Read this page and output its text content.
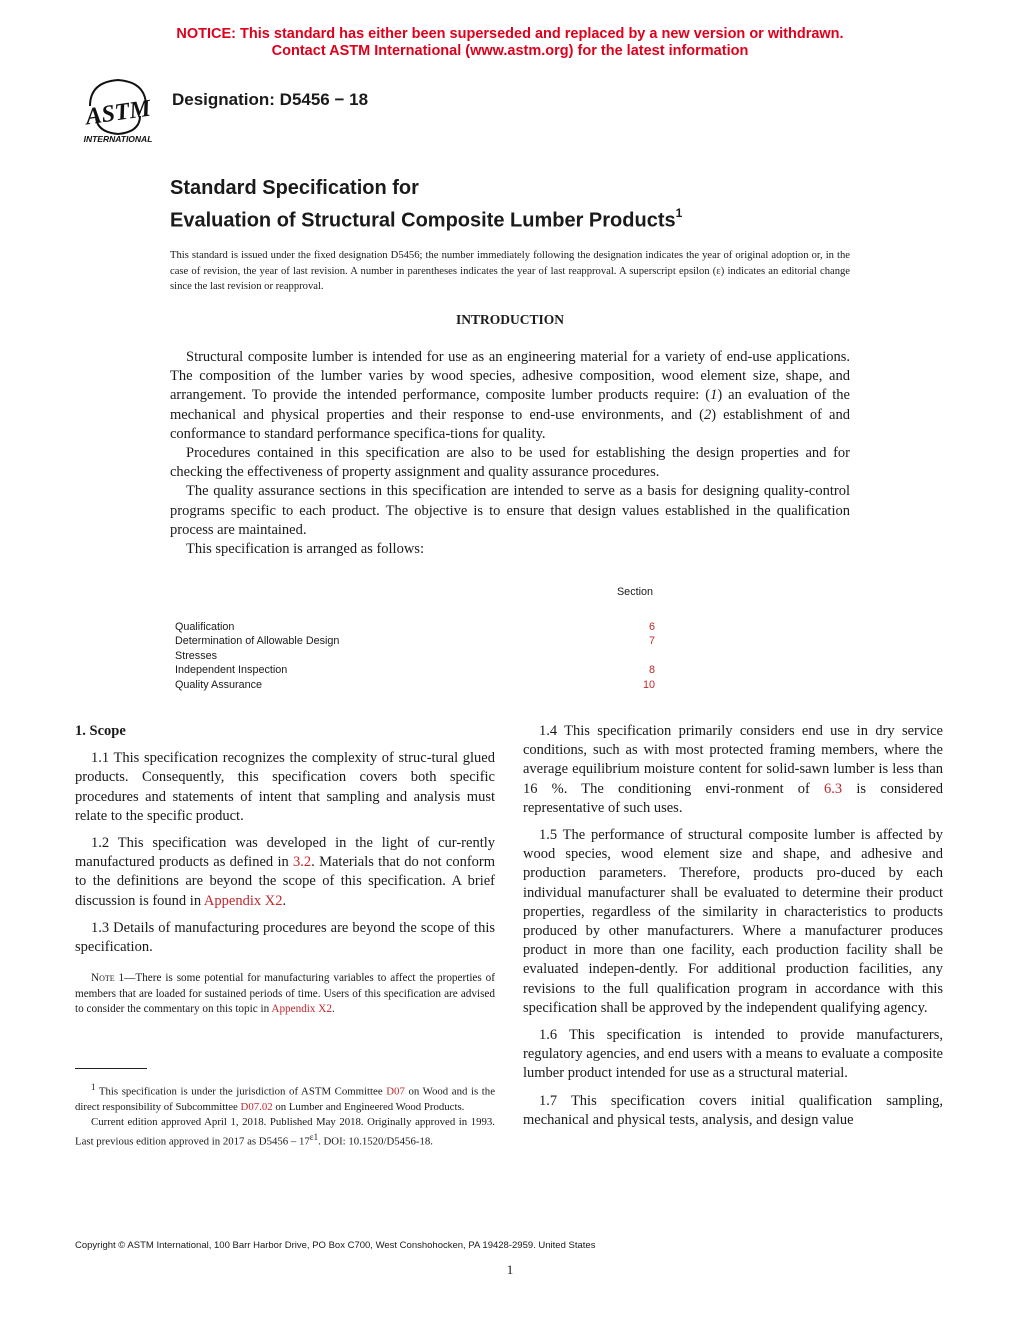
NOTICE: This standard has either been superseded and replaced by a new version or withdrawn.
Contact ASTM International (www.astm.org) for the latest information
ASTM
INTERNATIONAL
Designation: D5456 − 18
Standard Specification for
Evaluation of Structural Composite Lumber Products$^1$
This standard is issued under the fixed designation D5456; the number immediately following the designation indicates the year of original adoption or, in the case of revision, the year of last revision. A number in parentheses indicates the year of last reapproval. A superscript epsilon (ε) indicates an editorial change since the last revision or reapproval.
INTRODUCTION

Structural composite lumber is intended for use as an engineering material for a variety of end-use applications. The composition of the lumber varies by wood species, adhesive composition, wood element size, shape, and arrangement. To provide the intended performance, composite lumber products require: (1) an evaluation of the mechanical and physical properties and their response to end-use environments, and (2) establishment of and conformance to standard performance specifica-tions for quality.

Procedures contained in this specification are also to be used for establishing the design properties and for checking the effectiveness of property assignment and quality assurance procedures.

The quality assurance sections in this specification are intended to serve as a basis for designing quality-control programs specific to each product. The objective is to ensure that design values established in the qualification process are maintained.

This specification is arranged as follows:

Section
Qualification	6
Determination of Allowable Design	7
Stresses
Independent Inspection	8
Quality Assurance	10
1. Scope

1.1 This specification recognizes the complexity of struc-tural glued products. Consequently, this specification covers both specific procedures and statements of intent that sampling and analysis must relate to the specific product.

1.2 This specification was developed in the light of cur-rently manufactured products as defined in 3.2. Materials that do not conform to the definitions are beyond the scope of this specification. A brief discussion is found in Appendix X2.

1.3 Details of manufacturing procedures are beyond the scope of this specification.

Note 1—There is some potential for manufacturing variables to affect the properties of members that are loaded for sustained periods of time. Users of this specification are advised to consider the commentary on this topic in Appendix X2.

$^1$ This specification is under the jurisdiction of ASTM Committee D07 on Wood and is the direct responsibility of Subcommittee D07.02 on Lumber and Engineered Wood Products.

Current edition approved April 1, 2018. Published May 2018. Originally approved in 1993. Last previous edition approved in 2017 as $D5456 - 17^{\varepsilon 1}$. DOI: 10.1520/D5456-18.

1.4 This specification primarily considers end use in dry service conditions, such as with most protected framing members, where the average equilibrium moisture content for solid-sawn lumber is less than 16 %. The conditioning envi-ronment of 6.3 is considered representative of such uses.

1.5 The performance of structural composite lumber is affected by wood species, wood element size and shape, and adhesive and production parameters. Therefore, products pro-duced by each individual manufacturer shall be evaluated to determine their product properties, regardless of the similarity in characteristics to products produced by other manufacturers. Where a manufacturer produces product in more than one facility, each production facility shall be evaluated indepen-dently. For additional production facilities, any revisions to the full qualification program in accordance with this specification shall be approved by the independent qualifying agency.

1.6 This specification is intended to provide manufacturers, regulatory agencies, and end users with a means to evaluate a composite lumber product intended for use as a structural material.

1.7 This specification covers initial qualification sampling, mechanical and physical tests, analysis, and design value

Copyright © ASTM International, 100 Barr Harbor Drive, PO Box C700, West Conshohocken, PA 19428-2959. United States
1
